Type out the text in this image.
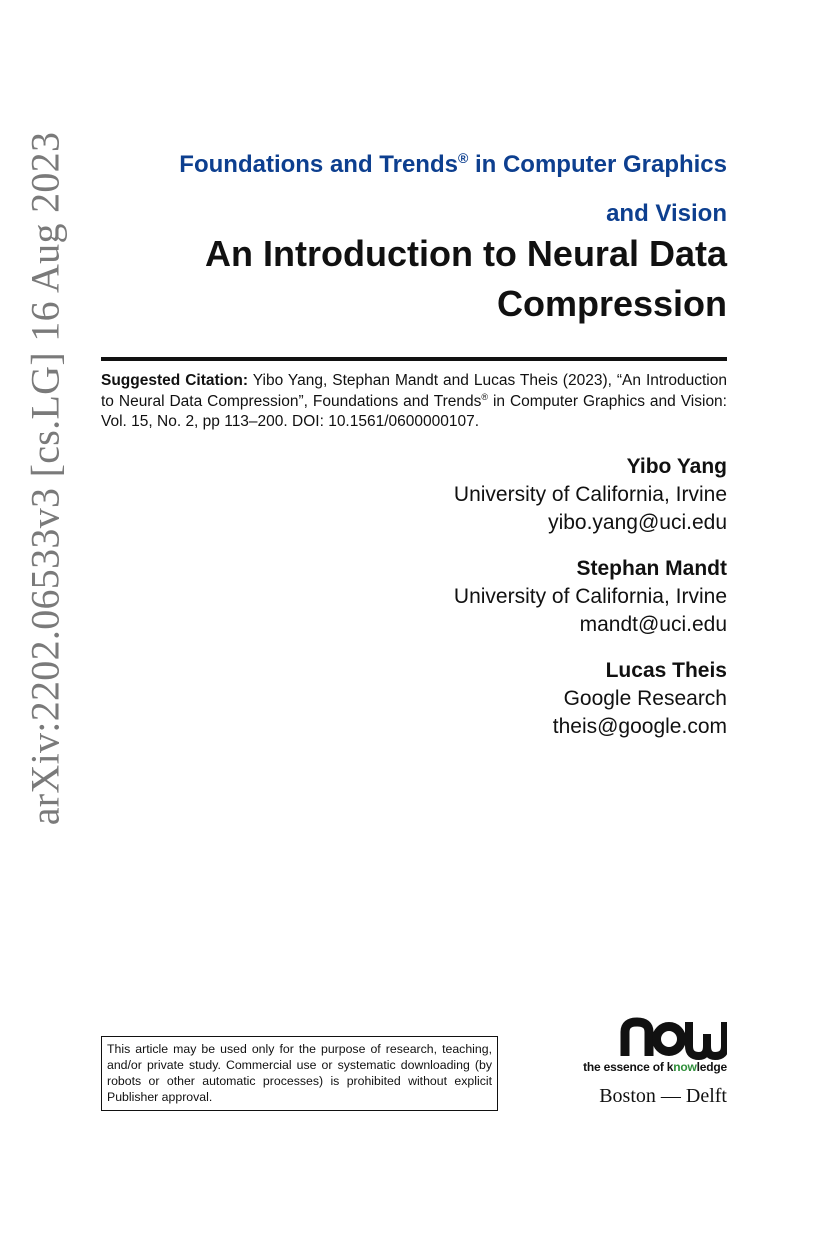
arXiv:2202.06533v3 [cs.LG] 16 Aug 2023	Foundations and Trends® in Computer Graphics
and Vision
An Introduction to Neural Data
Compression
Suggested Citation: Yibo Yang, Stephan Mandt and Lucas Theis (2023), “An Introduction to Neural Data Compression”, Foundations and Trends® in Computer Graphics and Vision: Vol. 15, No. 2, pp 113–200. DOI: 10.1561/0600000107.
Yibo Yang
University of California, Irvine
yibo.yang@uci.edu
Stephan Mandt
University of California, Irvine
mandt@uci.edu
Lucas Theis
Google Research
theis@google.com
This article may be used only for the purpose of research, teaching, and/or private study. Commercial use or systematic downloading (by robots or other automatic processes) is prohibited without explicit Publisher approval.
the essence of knowledge
Boston — Delft
